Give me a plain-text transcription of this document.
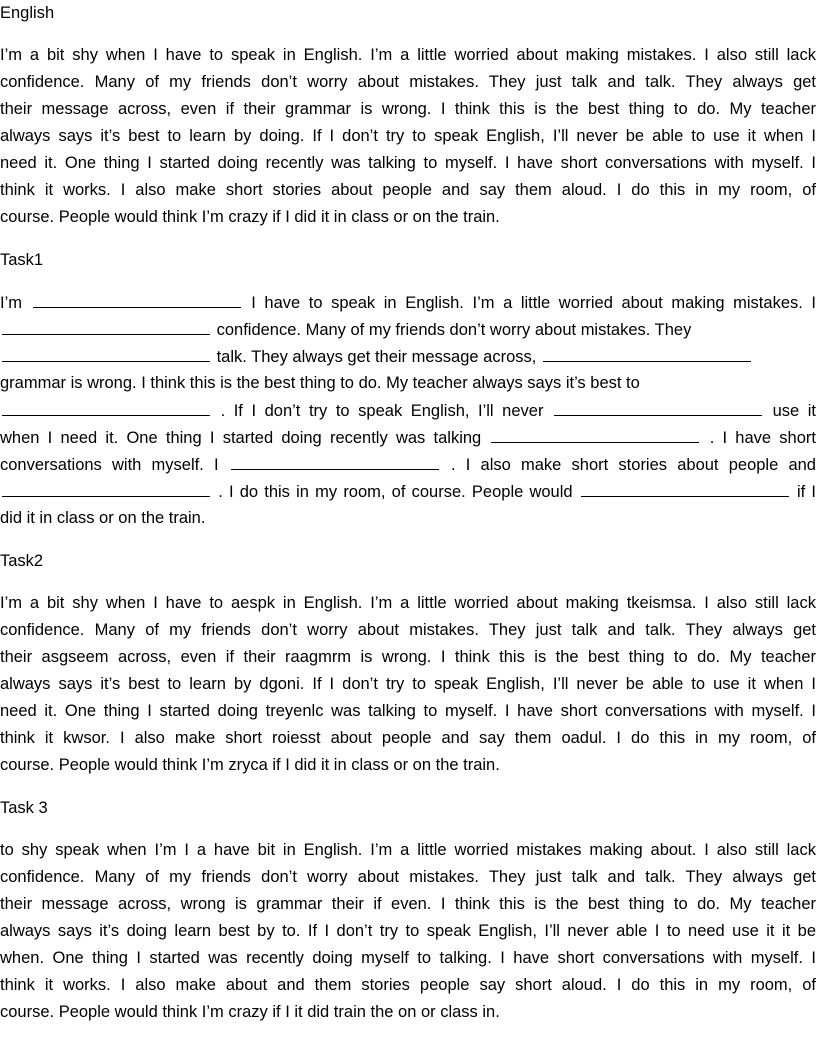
English
I’m a bit shy when I have to speak in English. I’m a little worried about making mistakes. I also still lack
confidence. Many of my friends don’t worry about mistakes. They just talk and talk. They always get
their message across, even if their grammar is wrong. I think this is the best thing to do. My teacher
always says it’s best to learn by doing. If I don’t try to speak English, I’ll never be able to use it when I
need it. One thing I started doing recently was talking to myself. I have short conversations with myself. I
think it works. I also make short stories about people and say them aloud. I do this in my room, of
course. People would think I’m crazy if I did it in class or on the train.
Task1
I’m	I have to speak in English. I’m a little worried about making mistakes. I
confidence. Many of my friends don’t worry about mistakes. They
talk. They always get their message across,
grammar is wrong. I think this is the best thing to do. My teacher always says it’s best to
. If I don’t try to speak English, I’ll never	use it
when I need it. One thing I started doing recently was talking	. I have short
conversations with myself. I	. I also make short stories about people and
. I do this in my room, of course. People would	if I
did it in class or on the train.
Task2
I’m a bit shy when I have to aespk in English. I’m a little worried about making tkeismsa. I also still lack
confidence. Many of my friends don’t worry about mistakes. They just talk and talk. They always get
their asgseem across, even if their raagmrm is wrong. I think this is the best thing to do. My teacher
always says it’s best to learn by dgoni. If I don’t try to speak English, I’ll never be able to use it when I
need it. One thing I started doing treyenlc was talking to myself. I have short conversations with myself. I
think it kwsor. I also make short roiesst about people and say them oadul. I do this in my room, of
course. People would think I’m zryca if I did it in class or on the train.
Task 3
to shy speak when I’m I a have bit in English. I’m a little worried mistakes making about. I also still lack
confidence. Many of my friends don’t worry about mistakes. They just talk and talk. They always get
their message across, wrong is grammar their if even. I think this is the best thing to do. My teacher
always says it’s doing learn best by to. If I don’t try to speak English, I’ll never able I to need use it it be
when. One thing I started was recently doing myself to talking. I have short conversations with myself. I
think it works. I also make about and them stories people say short aloud. I do this in my room, of
course. People would think I’m crazy if I it did train the on or class in.
